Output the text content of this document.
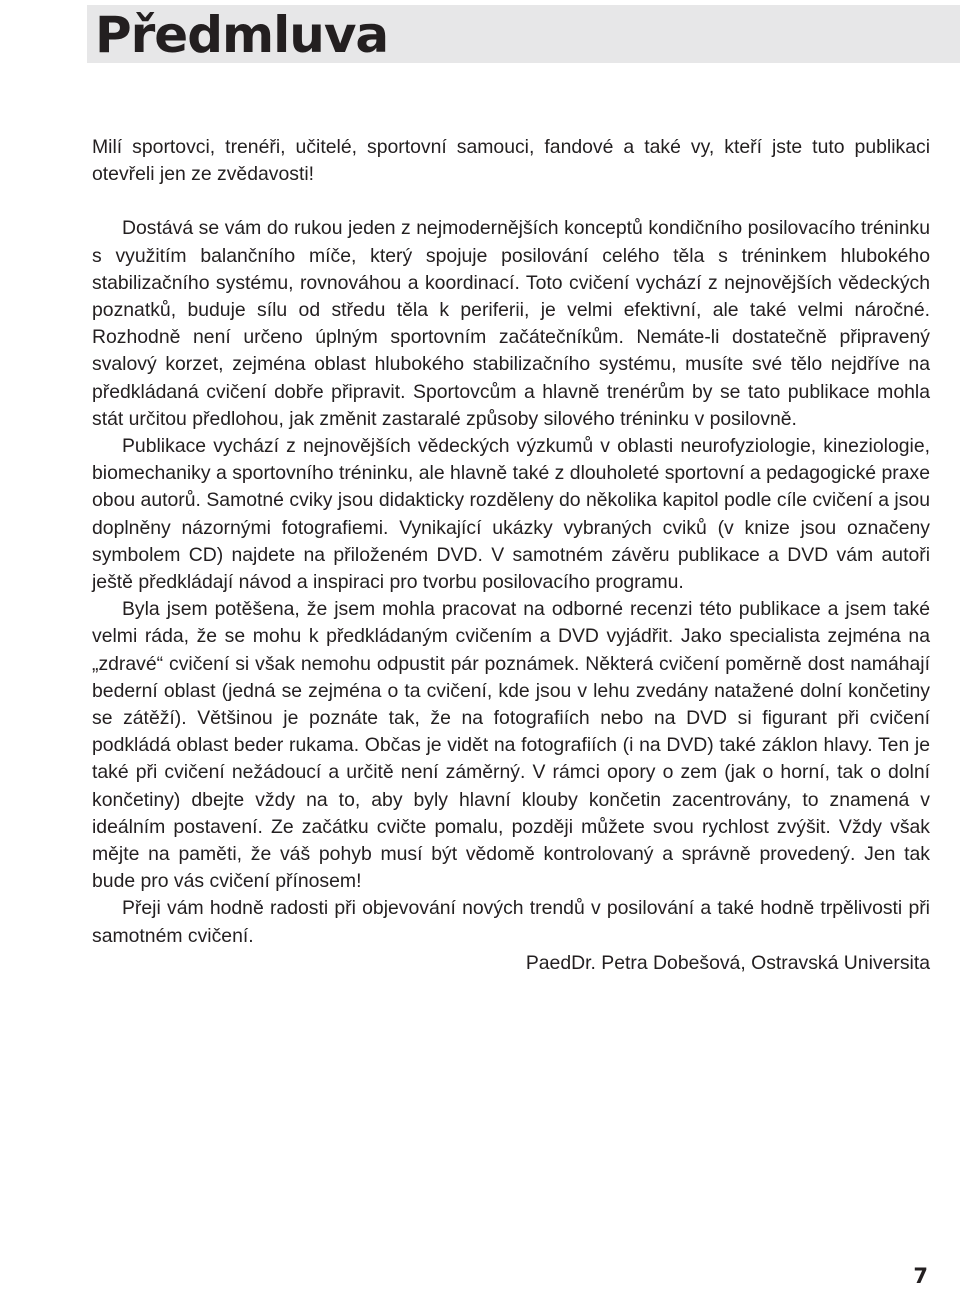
Předmluva

Milí sportovci, trenéři, učitelé, sportovní samouci, fandové a také vy, kteří jste tuto publikaci otevřeli jen ze zvědavosti!

Dostává se vám do rukou jeden z nejmodernějších konceptů kondičního posilovacího tréninku s využitím balančního míče, který spojuje posilování celého těla s tréninkem hlubokého stabilizačního systému, rovnováhou a koordinací. Toto cvičení vychází z nejnovějších vědeckých poznatků, buduje sílu od středu těla k periferii, je velmi efektivní, ale také velmi náročné. Rozhodně není určeno úplným sportovním začátečníkům. Nemáte-li dostatečně připravený svalový korzet, zejména oblast hlubokého stabilizačního systému, musíte své tělo nejdříve na předkládaná cvičení dobře připravit. Sportovcům a hlavně trenérům by se tato publikace mohla stát určitou předlohou, jak změnit zastaralé způsoby silového tréninku v posilovně.

Publikace vychází z nejnovějších vědeckých výzkumů v oblasti neurofyziologie, kineziologie, biomechaniky a sportovního tréninku, ale hlavně také z dlouholeté sportovní a pedagogické praxe obou autorů. Samotné cviky jsou didakticky rozděleny do několika kapitol podle cíle cvičení a jsou doplněny názornými fotografiemi. Vynikající ukázky vybraných cviků (v knize jsou označeny symbolem CD) najdete na přiloženém DVD. V samotném závěru publikace a DVD vám autoři ještě předkládají návod a inspiraci pro tvorbu posilovacího programu.

Byla jsem potěšena, že jsem mohla pracovat na odborné recenzi této publikace a jsem také velmi ráda, že se mohu k předkládaným cvičením a DVD vyjádřit. Jako specialista zejména na „zdravé“ cvičení si však nemohu odpustit pár poznámek. Některá cvičení poměrně dost namáhají bederní oblast (jedná se zejména o ta cvičení, kde jsou v lehu zvedány natažené dolní končetiny se zátěží). Většinou je poznáte tak, že na fotografiích nebo na DVD si figurant při cvičení podkládá oblast beder rukama. Občas je vidět na fotografiích (i na DVD) také záklon hlavy. Ten je také při cvičení nežádoucí a určitě není záměrný. V rámci opory o zem (jak o horní, tak o dolní končetiny) dbejte vždy na to, aby byly hlavní klouby končetin zacentrovány, to znamená v ideálním postavení. Ze začátku cvičte pomalu, později můžete svou rychlost zvýšit. Vždy však mějte na paměti, že váš pohyb musí být vědomě kontrolovaný a správně provedený. Jen tak bude pro vás cvičení přínosem!

Přeji vám hodně radosti při objevování nových trendů v posilování a také hodně trpělivosti při samotném cvičení.

PaedDr. Petra Dobešová, Ostravská Universita

7
